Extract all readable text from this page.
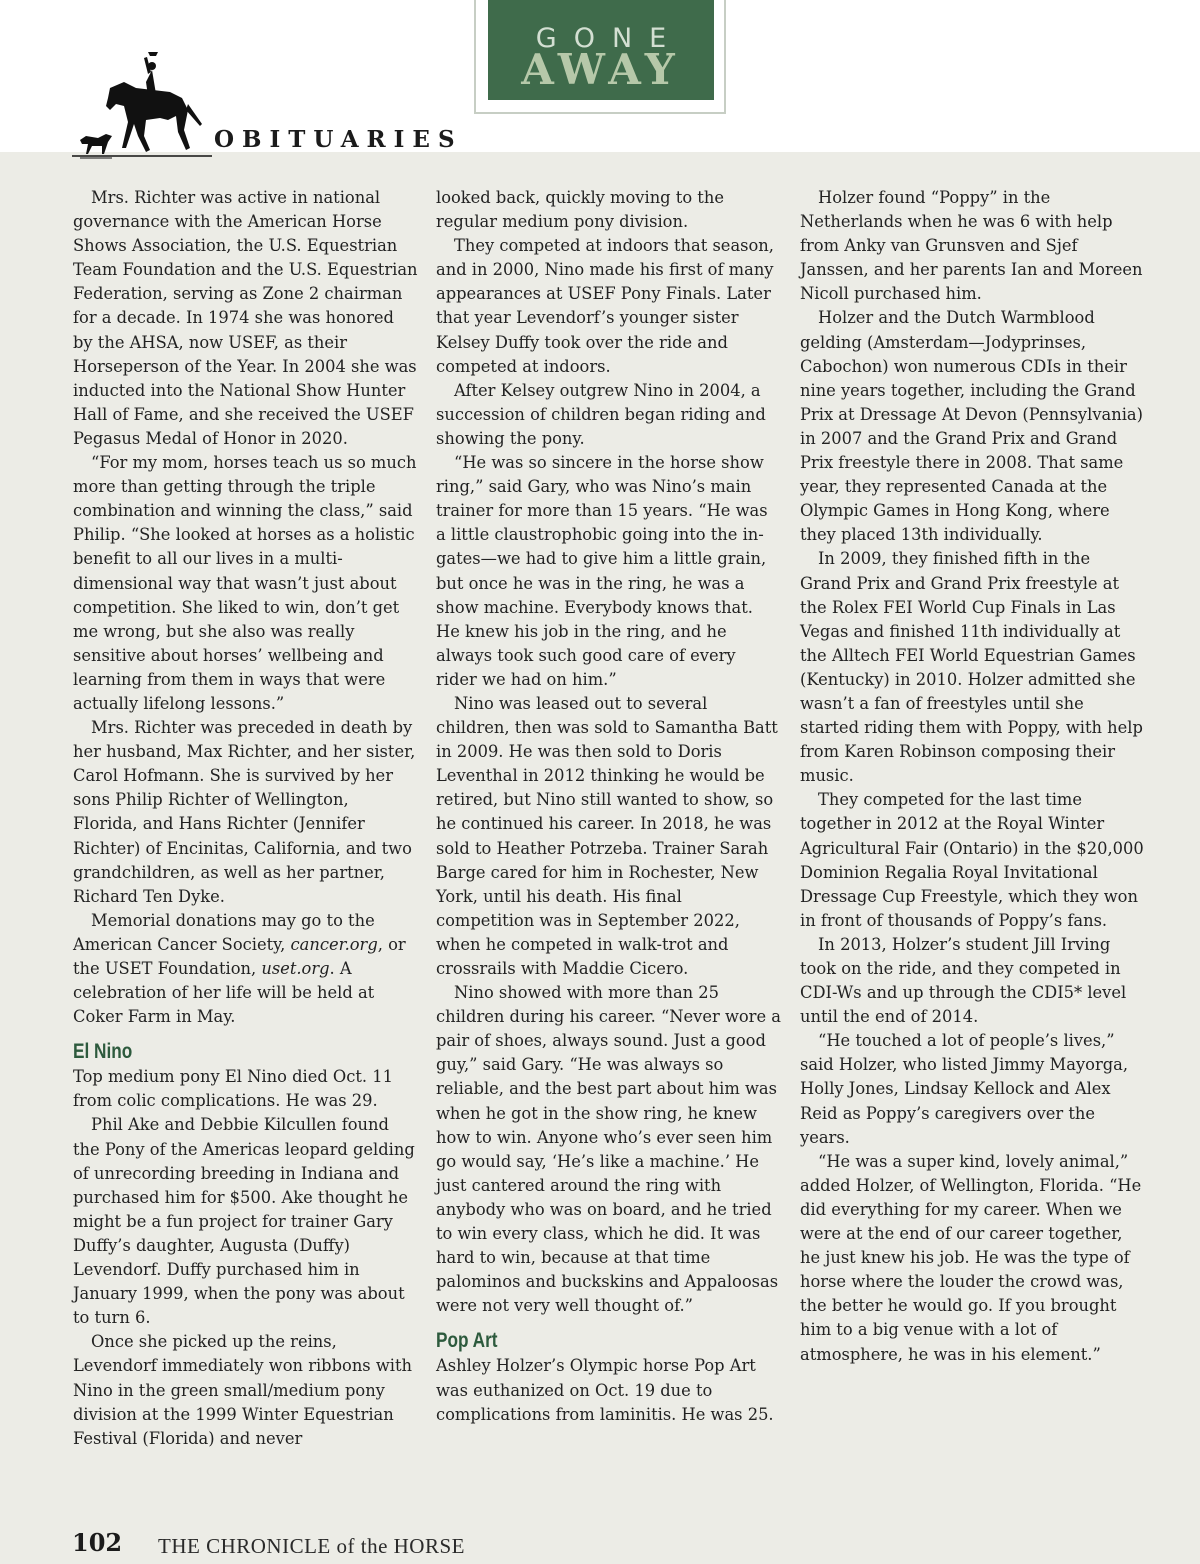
GONE
AWAY
OBITUARIES

Mrs. Richter was active in national governance with the American Horse Shows Association, the U.S. Equestrian Team Foundation and the U.S. Equestrian Federation, serving as Zone 2 chairman for a decade. In 1974 she was honored by the AHSA, now USEF, as their Horseperson of the Year. In 2004 she was inducted into the National Show Hunter Hall of Fame, and she received the USEF Pegasus Medal of Honor in 2020.

“For my mom, horses teach us so much more than getting through the triple combination and winning the class,” said Philip. “She looked at horses as a holistic benefit to all our lives in a multi-dimensional way that wasn’t just about competition. She liked to win, don’t get me wrong, but she also was really sensitive about horses’ wellbeing and learning from them in ways that were actually lifelong lessons.”

Mrs. Richter was preceded in death by her husband, Max Richter, and her sister, Carol Hofmann. She is survived by her sons Philip Richter of Wellington, Florida, and Hans Richter (Jennifer Richter) of Encinitas, California, and two grandchildren, as well as her partner, Richard Ten Dyke.

Memorial donations may go to the American Cancer Society, cancer.org, or the USET Foundation, uset.org. A celebration of her life will be held at Coker Farm in May.

El Nino

Top medium pony El Nino died Oct. 11 from colic complications. He was 29.

Phil Ake and Debbie Kilcullen found the Pony of the Americas leopard gelding of unrecording breeding in Indiana and purchased him for $500. Ake thought he might be a fun project for trainer Gary Duffy’s daughter, Augusta (Duffy) Levendorf. Duffy purchased him in January 1999, when the pony was about to turn 6.

Once she picked up the reins, Levendorf immediately won ribbons with Nino in the green small/medium pony division at the 1999 Winter Equestrian Festival (Florida) and never

looked back, quickly moving to the regular medium pony division.

They competed at indoors that season, and in 2000, Nino made his first of many appearances at USEF Pony Finals. Later that year Levendorf’s younger sister Kelsey Duffy took over the ride and competed at indoors.

After Kelsey outgrew Nino in 2004, a succession of children began riding and showing the pony.

“He was so sincere in the horse show ring,” said Gary, who was Nino’s main trainer for more than 15 years. “He was a little claustrophobic going into the in-gates—we had to give him a little grain, but once he was in the ring, he was a show machine. Everybody knows that. He knew his job in the ring, and he always took such good care of every rider we had on him.”

Nino was leased out to several children, then was sold to Samantha Batt in 2009. He was then sold to Doris Leventhal in 2012 thinking he would be retired, but Nino still wanted to show, so he continued his career. In 2018, he was sold to Heather Potrzeba. Trainer Sarah Barge cared for him in Rochester, New York, until his death. His final competition was in September 2022, when he competed in walk-trot and crossrails with Maddie Cicero.

Nino showed with more than 25 children during his career. “Never wore a pair of shoes, always sound. Just a good guy,” said Gary. “He was always so reliable, and the best part about him was when he got in the show ring, he knew how to win. Anyone who’s ever seen him go would say, ‘He’s like a machine.’ He just cantered around the ring with anybody who was on board, and he tried to win every class, which he did. It was hard to win, because at that time palominos and buckskins and Appaloosas were not very well thought of.”

Pop Art

Ashley Holzer’s Olympic horse Pop Art was euthanized on Oct. 19 due to complications from laminitis. He was 25.

Holzer found “Poppy” in the Netherlands when he was 6 with help from Anky van Grunsven and Sjef Janssen, and her parents Ian and Moreen Nicoll purchased him.

Holzer and the Dutch Warmblood gelding (Amsterdam—Jodyprinses, Cabochon) won numerous CDIs in their nine years together, including the Grand Prix at Dressage At Devon (Pennsylvania) in 2007 and the Grand Prix and Grand Prix freestyle there in 2008. That same year, they represented Canada at the Olympic Games in Hong Kong, where they placed 13th individually.

In 2009, they finished fifth in the Grand Prix and Grand Prix freestyle at the Rolex FEI World Cup Finals in Las Vegas and finished 11th individually at the Alltech FEI World Equestrian Games (Kentucky) in 2010. Holzer admitted she wasn’t a fan of freestyles until she started riding them with Poppy, with help from Karen Robinson composing their music.

They competed for the last time together in 2012 at the Royal Winter Agricultural Fair (Ontario) in the $20,000 Dominion Regalia Royal Invitational Dressage Cup Freestyle, which they won in front of thousands of Poppy’s fans.

In 2013, Holzer’s student Jill Irving took on the ride, and they competed in CDI-Ws and up through the CDI5* level until the end of 2014.

“He touched a lot of people’s lives,” said Holzer, who listed Jimmy Mayorga, Holly Jones, Lindsay Kellock and Alex Reid as Poppy’s caregivers over the years.

“He was a super kind, lovely animal,” added Holzer, of Wellington, Florida. “He did everything for my career. When we were at the end of our career together, he just knew his job. He was the type of horse where the louder the crowd was, the better he would go. If you brought him to a big venue with a lot of atmosphere, he was in his element.”

102 THE CHRONICLE of the HORSE
